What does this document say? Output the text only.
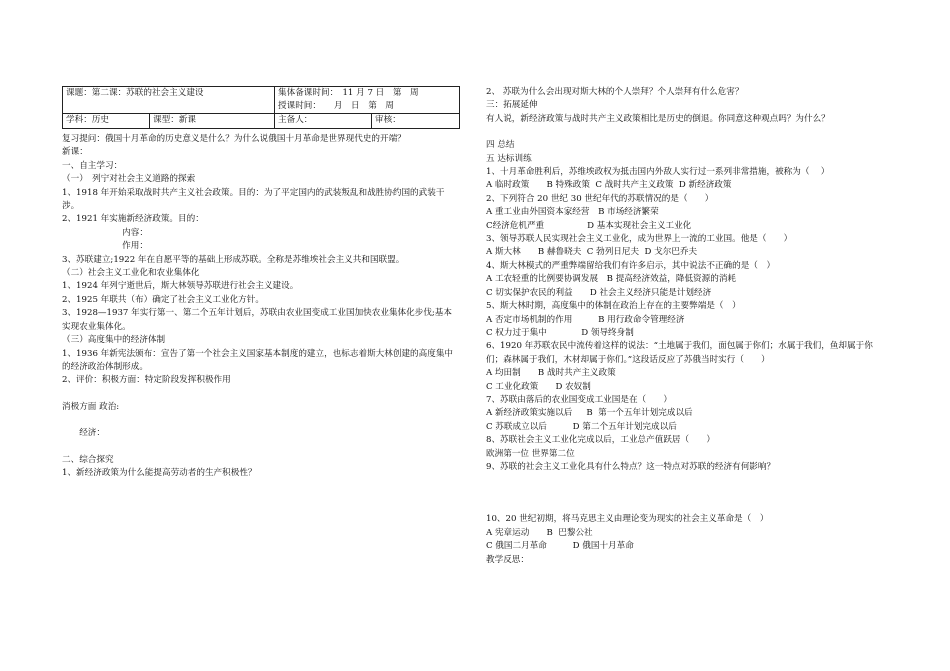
课题：第二课：苏联的社会主义建设		集体备课时间：　11 月 7 日　第　周
授课时间：　　月　日　第　周	

学科：历史	课型：新课	主备人：	审核：

复习提问：俄国十月革命的历史意义是什么？为什么说俄国十月革命是世界现代史的开端？

新课：

一、自主学习：

（一）　列宁对社会主义道路的探索

1、1918 年开始采取战时共产主义社会政策。目的：为了平定国内的武装叛乱和战胜协约国的武装干涉。

2、1921 年实施新经济政策。目的：

　　　　　　　内容：

　　　　　　　作用：

3、苏联建立;1922 年在自愿平等的基础上形成苏联。全称是苏维埃社会主义共和国联盟。

（二）社会主义工业化和农业集体化

1、1924 年列宁逝世后，斯大林领导苏联进行社会主义建设。

2、1925 年联共（布）确定了社会主义工业化方针。

3、1928—1937 年实行第一、第二个五年计划后，苏联由农业国变成工业国加快农业集体化步伐;基本实现农业集体化。

（三）高度集中的经济体制

1、1936 年新宪法颁布：宣告了第一个社会主义国家基本制度的建立，也标志着斯大林创建的高度集中的经济政治体制形成。

2、评价：积极方面：特定阶段发挥积极作用

消极方面 政治:

　　经济：

二、综合探究

1、新经济政策为什么能提高劳动者的生产积极性？

2、 苏联为什么会出现对斯大林的个人崇拜？个人崇拜有什么危害？

三：拓展延伸

有人说，新经济政策与战时共产主义政策相比是历史的倒退。你同意这种观点吗？为什么？

四 总结

五 达标训练

1、十月革命胜利后，苏维埃政权为抵击国内外敌人实行过一系列非常措施，被称为（　 ）

A 临时政策　　B 特殊政策  C 战时共产主义政策  D 新经济政策

2、下列符合 20 世纪 30 世纪年代的苏联情况的是（　　）

A 重工业由外国资本家经营　B 市场经济繁荣

C经济危机严重　　　　　D 基本实现社会主义工业化

3、领导苏联人民实现社会主义工业化，成为世界上一流的工业国。他是（　　）

A 斯大林　　B 赫鲁晓夫  C 勃列日尼夫  D 戈尔巴乔夫

4、斯大林模式的严重弊端留给我们有许多启示，其中说法不正确的是（　）

A 工农轻重的比例要协调发展　B 提高经济效益，降低资源的消耗

C 切实保护农民的利益　　D 社会主义经济只能是计划经济

5、斯大林时期，高度集中的体制在政治上存在的主要弊端是（　）

A 否定市场机制的作用　　　B 用行政命令管理经济

C 权力过于集中　　　　D 领导终身制

6、1920 年苏联农民中流传着这样的说法：“土地属于我们，面包属于你们；水属于我们，鱼却属于你们；森林属于我们，木材却属于你们。”这段话反应了苏俄当时实行（　　）

A 均田制　　B 战时共产主义政策

C 工业化政策　　D 农奴制

7、苏联由落后的农业国变成工业国是在（　　）

A 新经济政策实施以后　  B  第一个五年计划完成以后

C 苏联成立以后　　　D 第二个五年计划完成以后

8、苏联社会主义工业化完成以后，工业总产值跃居（　　）

欧洲第一位 世界第二位

9、苏联的社会主义工业化具有什么特点？这一特点对苏联的经济有何影响？

10、20 世纪初期，将马克思主义由理论变为现实的社会主义革命是（　）

A 宪章运动　　B  巴黎公社

C 俄国二月革命　　　D 俄国十月革命

教学反思：
